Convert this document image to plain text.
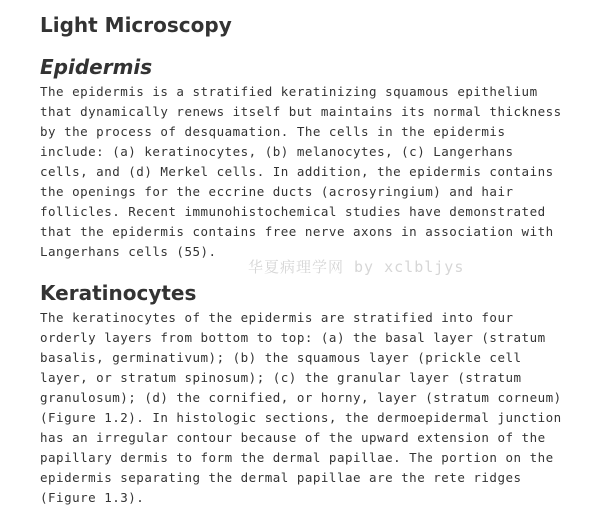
Light Microscopy
Epidermis

The epidermis is a stratified keratinizing squamous epithelium that dynamically renews itself but maintains its normal thickness by the process of desquamation. The cells in the epidermis include: (a) keratinocytes, (b) melanocytes, (c) Langerhans cells, and (d) Merkel cells. In addition, the epidermis contains the openings for the eccrine ducts (acrosyringium) and hair follicles. Recent immunohistochemical studies have demonstrated that the epidermis contains free nerve axons in association with Langerhans cells (55).

Keratinocytes

The keratinocytes of the epidermis are stratified into four orderly layers from bottom to top: (a) the basal layer (stratum basalis, germinativum); (b) the squamous layer (prickle cell layer, or stratum spinosum); (c) the granular layer (stratum granulosum); (d) the cornified, or horny, layer (stratum corneum) (Figure 1.2). In histologic sections, the dermoepidermal junction has an irregular contour because of the upward extension of the papillary dermis to form the dermal papillae. The portion on the epidermis separating the dermal papillae are the rete ridges (Figure 1.3).

华夏病理学网 by xclbljys
